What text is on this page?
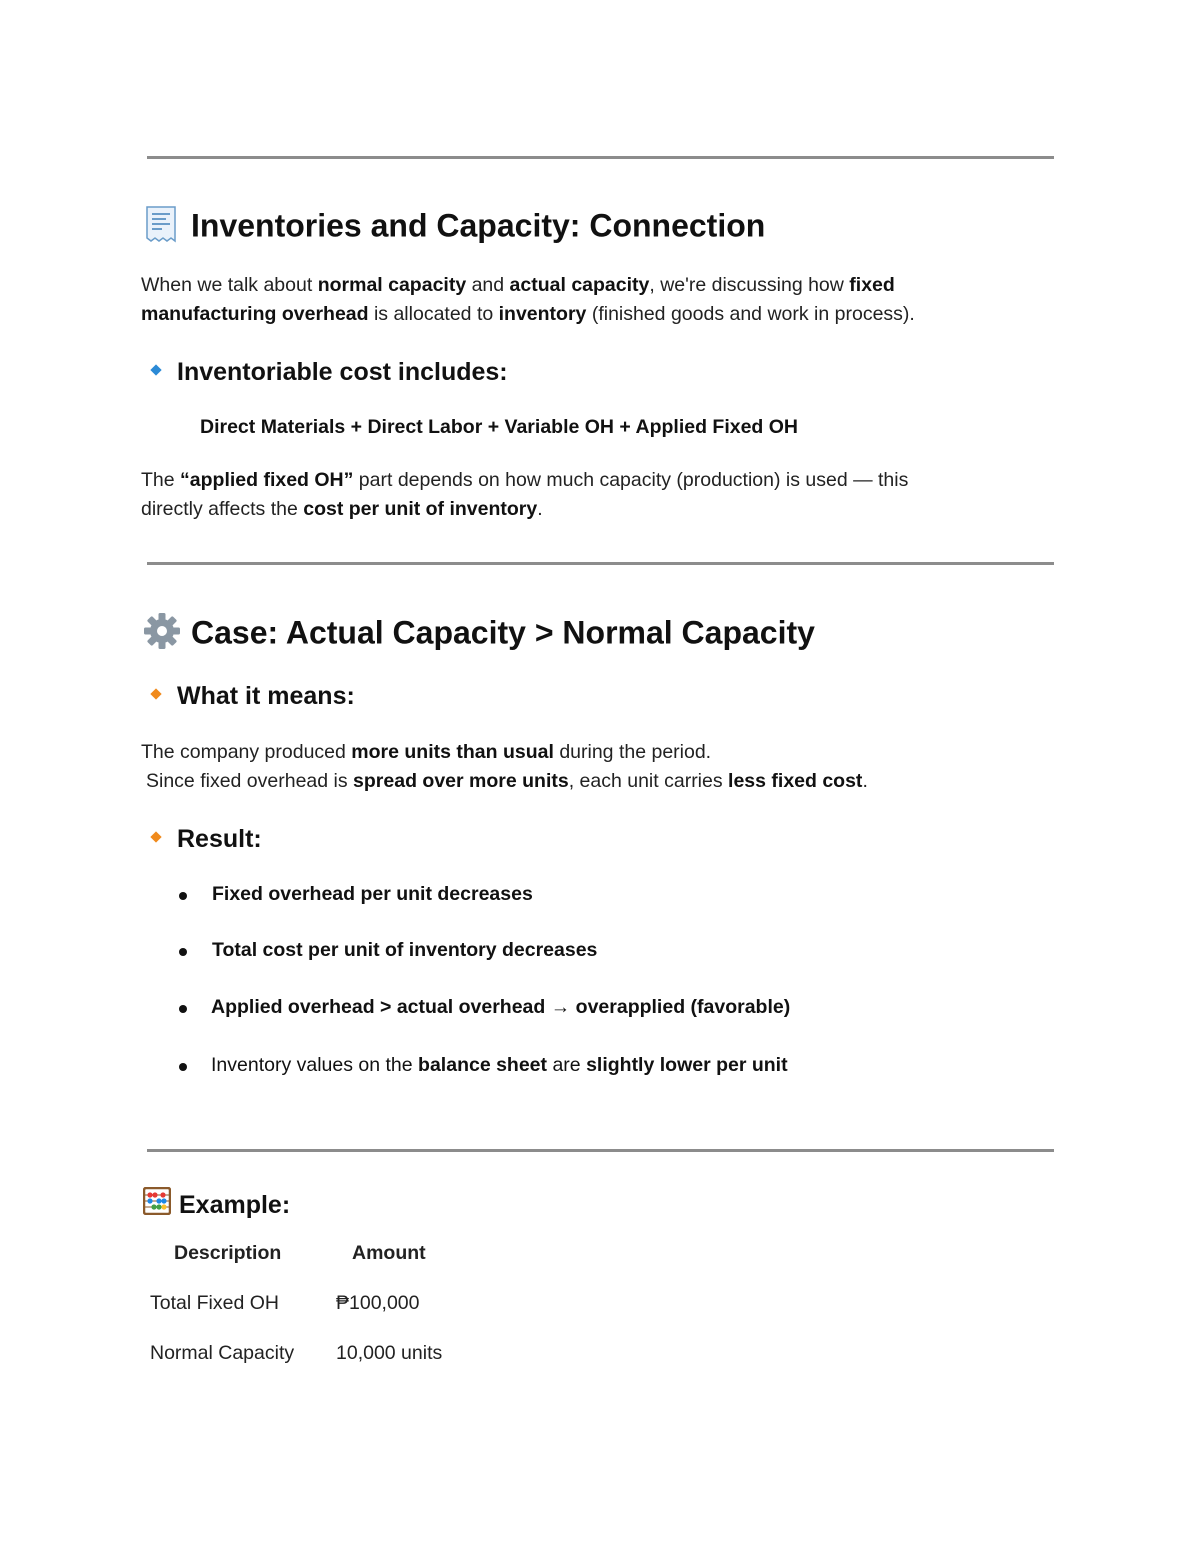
Inventories and Capacity: Connection
When we talk about normal capacity and actual capacity, we're discussing how fixed
manufacturing overhead is allocated to inventory (finished goods and work in process).
Inventoriable cost includes:
Direct Materials + Direct Labor + Variable OH + Applied Fixed OH
The “applied fixed OH” part depends on how much capacity (production) is used — this
directly affects the cost per unit of inventory.
Case: Actual Capacity > Normal Capacity
What it means:
The company produced more units than usual during the period.
Since fixed overhead is spread over more units, each unit carries less fixed cost.
Result:
Fixed overhead per unit decreases
Total cost per unit of inventory decreases
Applied overhead > actual overhead → overapplied (favorable)
Inventory values on the balance sheet are slightly lower per unit
Example:
Description	Amount
Total Fixed OH	₱100,000
Normal Capacity 10,000 units
